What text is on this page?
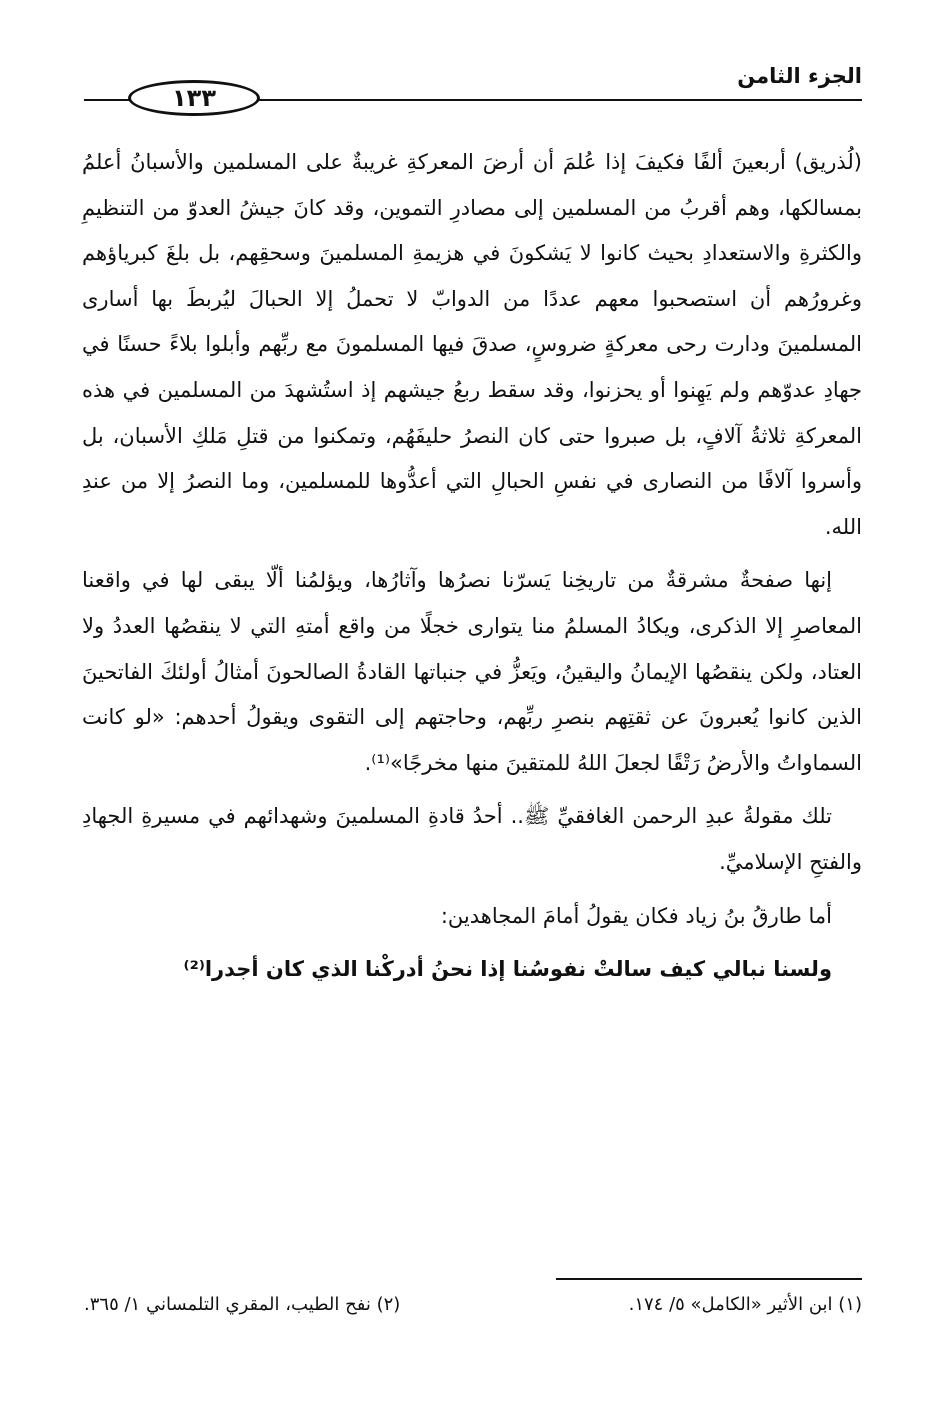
الجزء الثامن
١٣٣

(لُذريق) أربعينَ ألفًا فكيفَ إذا عُلمَ أن أرضَ المعركةِ غريبةٌ على المسلمين والأسبانُ أعلمُ بمسالكها، وهم أقربُ من المسلمين إلى مصادرِ التموين، وقد كانَ جيشُ العدوّ من التنظيمِ والكثرةِ والاستعدادِ بحيث كانوا لا يَشكونَ في هزيمةِ المسلمينَ وسحقِهم، بل بلغَ كبرياؤهم وغرورُهم أن استصحبوا معهم عددًا من الدوابّ لا تحملُ إلا الحبالَ ليُربطَ بها أسارى المسلمينَ ودارت رحى معركةٍ ضروسٍ، صدقَ فيها المسلمونَ مع ربِّهم وأبلوا بلاءً حسنًا في جهادِ عدوّهم ولم يَهِنوا أو يحزنوا، وقد سقط ربعُ جيشهم إذ استُشهدَ من المسلمين في هذه المعركةِ ثلاثةُ آلافٍ، بل صبروا حتى كان النصرُ حليفَهُم، وتمكنوا من قتلِ مَلكِ الأسبان، بل وأسروا آلافًا من النصارى في نفسِ الحبالِ التي أعدُّوها للمسلمين، وما النصرُ إلا من عندِ الله.

إنها صفحةٌ مشرقةٌ من تاريخِنا يَسرّنا نصرُها وآثارُها، ويؤلمُنا ألّا يبقى لها في واقعنا المعاصرِ إلا الذكرى، ويكادُ المسلمُ منا يتوارى خجلًا من واقع أمتهِ التي لا ينقصُها العددُ ولا العتاد، ولكن ينقصُها الإيمانُ واليقينُ، ويَعزُّ في جنباتها القادةُ الصالحونَ أمثالُ أولئكَ الفاتحينَ الذين كانوا يُعبرونَ عن ثقتِهم بنصرِ ربِّهم، وحاجتهم إلى التقوى ويقولُ أحدهم: «لو كانت السماواتُ والأرضُ رَتْقًا لجعلَ اللهُ للمتقينَ منها مخرجًا»⁽¹⁾.

تلك مقولةُ عبدِ الرحمن الغافقيِّ ﷺ.. أحدُ قادةِ المسلمينَ وشهدائهم في مسيرةِ الجهادِ والفتحِ الإسلاميِّ.

أما طارقُ بنُ زياد فكان يقولُ أمامَ المجاهدين:

ولسنا نبالي كيف سالتْ نفوسُنا إذا نحنُ أدركْنا الذي كان أجدرا⁽²⁾

(١) ابن الأثير «الكامل» ٥/ ١٧٤.
(٢) نفح الطيب، المقري التلمساني ١/ ٣٦٥.
